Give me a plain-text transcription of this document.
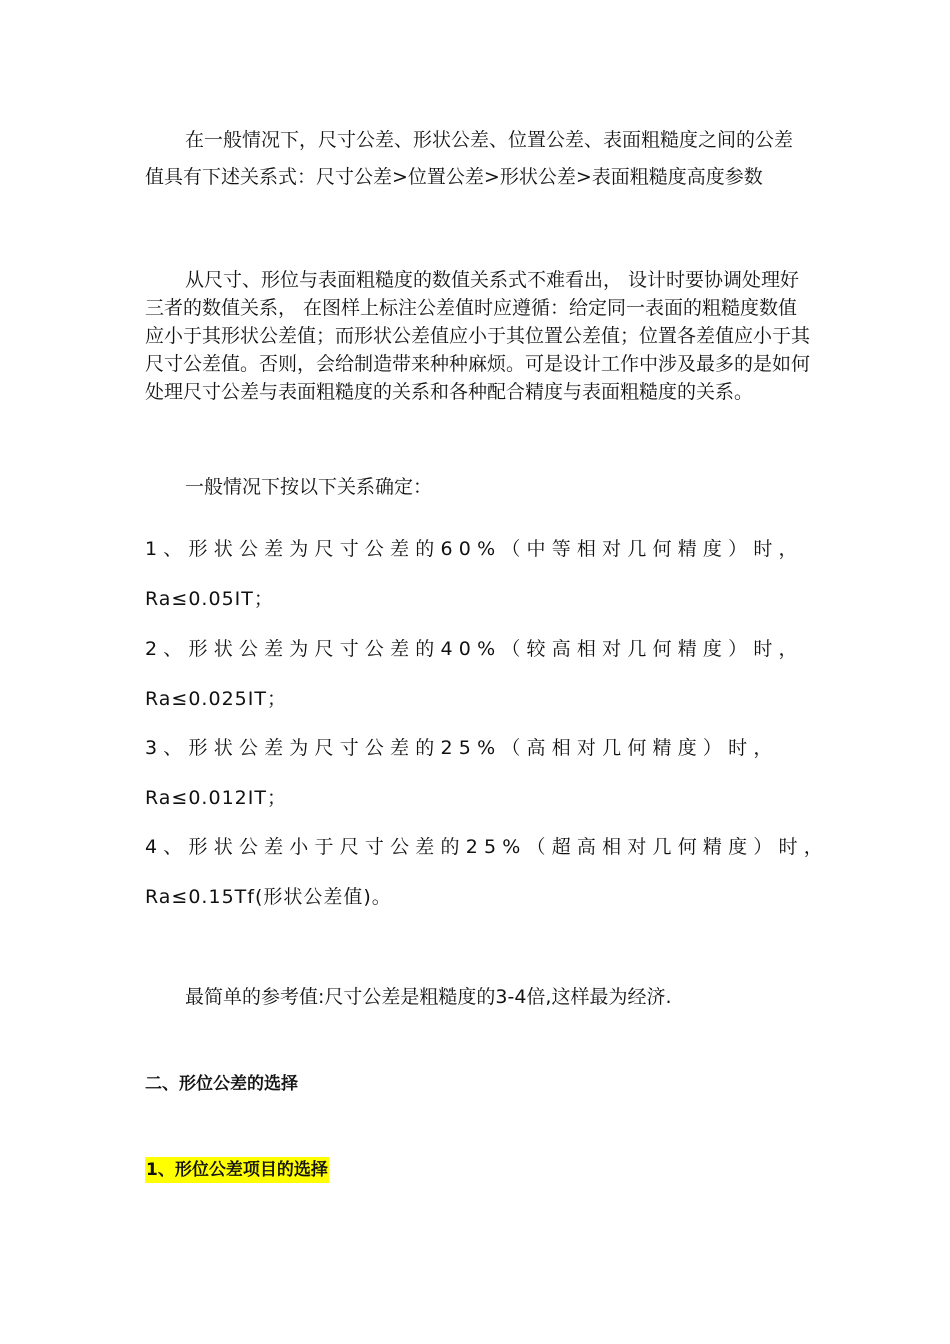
在一般情况下，尺寸公差、形状公差、位置公差、表面粗糙度之间的公差值具有下述关系式：尺寸公差>位置公差>形状公差>表面粗糙度高度参数

从尺寸、形位与表面粗糙度的数值关系式不难看出， 设计时要协调处理好三者的数值关系， 在图样上标注公差值时应遵循：给定同一表面的粗糙度数值应小于其形状公差值；而形状公差值应小于其位置公差值；位置各差值应小于其尺寸公差值。否则，会给制造带来种种麻烦。可是设计工作中涉及最多的是如何处理尺寸公差与表面粗糙度的关系和各种配合精度与表面粗糙度的关系。

一般情况下按以下关系确定：

1、形状公差为尺寸公差的60%（中等相对几何精度）时，

Ra≤0.05IT；

2、形状公差为尺寸公差的40%（较高相对几何精度）时，

Ra≤0.025IT；

3、形状公差为尺寸公差的25%（高相对几何精度）时，

Ra≤0.012IT；

4、形状公差小于尺寸公差的25%（超高相对几何精度）时，

Ra≤0.15Tf(形状公差值)。

最简单的参考值:尺寸公差是粗糙度的3-4倍,这样最为经济.

二、形位公差的选择

1、形位公差项目的选择
